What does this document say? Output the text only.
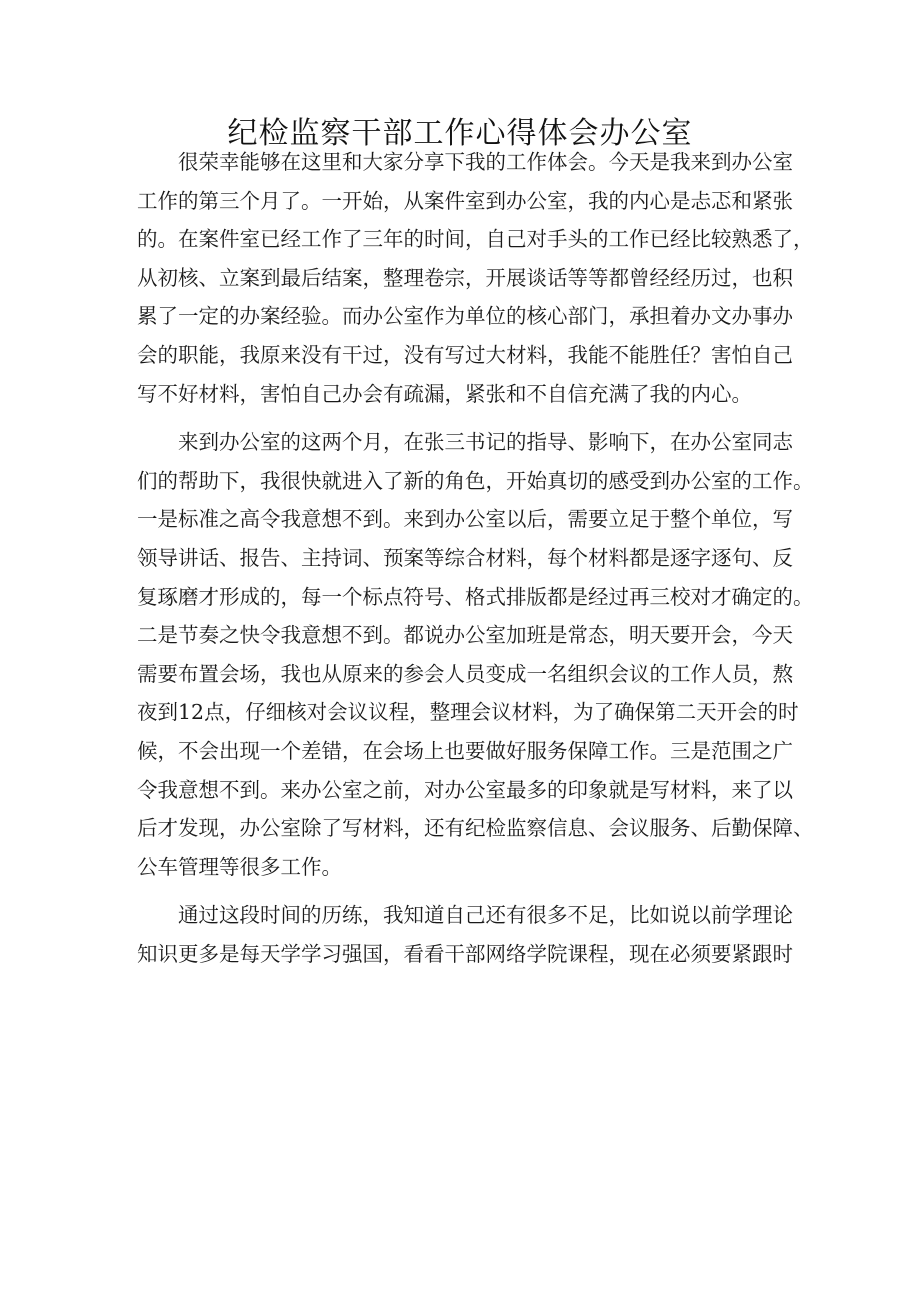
纪检监察干部工作心得体会办公室
很荣幸能够在这里和大家分享下我的工作体会。今天是我来到办公室
工作的第三个月了。一开始，从案件室到办公室，我的内心是忐忑和紧张
的。在案件室已经工作了三年的时间，自己对手头的工作已经比较熟悉了，
从初核、立案到最后结案，整理卷宗，开展谈话等等都曾经经历过，也积
累了一定的办案经验。而办公室作为单位的核心部门，承担着办文办事办
会的职能，我原来没有干过，没有写过大材料，我能不能胜任？害怕自己
写不好材料，害怕自己办会有疏漏，紧张和不自信充满了我的内心。
来到办公室的这两个月，在张三书记的指导、影响下，在办公室同志
们的帮助下，我很快就进入了新的角色，开始真切的感受到办公室的工作。
一是标准之高令我意想不到。来到办公室以后，需要立足于整个单位，写
领导讲话、报告、主持词、预案等综合材料，每个材料都是逐字逐句、反
复琢磨才形成的，每一个标点符号、格式排版都是经过再三校对才确定的。
二是节奏之快令我意想不到。都说办公室加班是常态，明天要开会，今天
需要布置会场，我也从原来的参会人员变成一名组织会议的工作人员，熬
夜到12点，仔细核对会议议程，整理会议材料，为了确保第二天开会的时
候，不会出现一个差错，在会场上也要做好服务保障工作。三是范围之广
令我意想不到。来办公室之前，对办公室最多的印象就是写材料，来了以
后才发现，办公室除了写材料，还有纪检监察信息、会议服务、后勤保障、
公车管理等很多工作。
通过这段时间的历练，我知道自己还有很多不足，比如说以前学理论
知识更多是每天学学习强国，看看干部网络学院课程，现在必须要紧跟时
